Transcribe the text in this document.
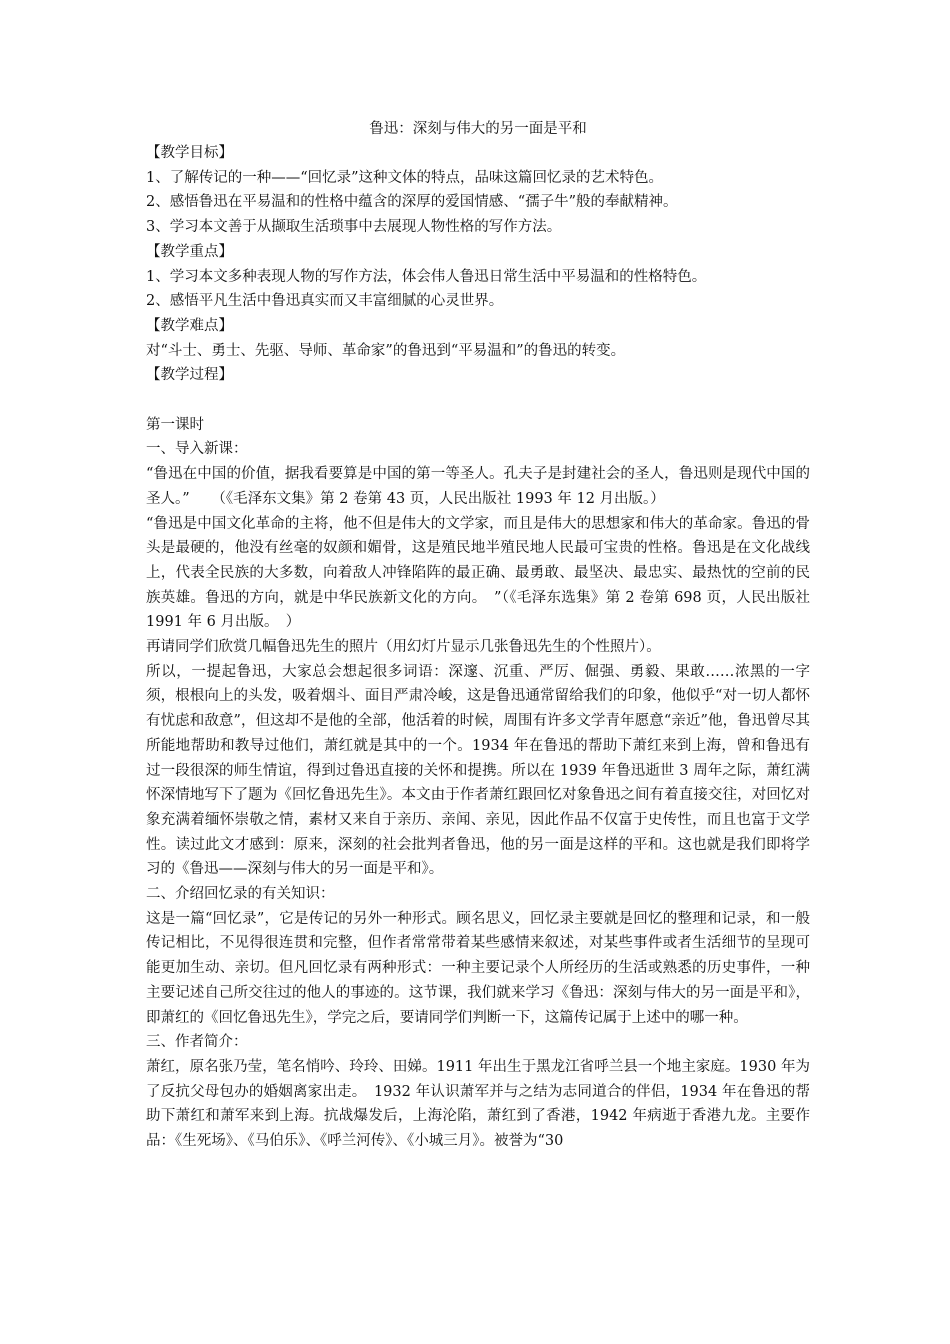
鲁迅：深刻与伟大的另一面是平和

【教学目标】

1、了解传记的一种——“回忆录”这种文体的特点，品味这篇回忆录的艺术特色。

2、感悟鲁迅在平易温和的性格中蕴含的深厚的爱国情感、“孺子牛”般的奉献精神。

3、学习本文善于从撷取生活琐事中去展现人物性格的写作方法。

【教学重点】

1、学习本文多种表现人物的写作方法，体会伟人鲁迅日常生活中平易温和的性格特色。

2、感悟平凡生活中鲁迅真实而又丰富细腻的心灵世界。

【教学难点】

对“斗士、勇士、先驱、导师、革命家”的鲁迅到“平易温和”的鲁迅的转变。

【教学过程】

第一课时

一、导入新课：

“鲁迅在中国的价值，据我看要算是中国的第一等圣人。孔夫子是封建社会的圣人，鲁迅则是现代中国的圣人。”　　（《毛泽东文集》第 2 卷第 43 页，人民出版社 1993 年 12 月出版。）

“鲁迅是中国文化革命的主将，他不但是伟大的文学家，而且是伟大的思想家和伟大的革命家。鲁迅的骨头是最硬的，他没有丝毫的奴颜和媚骨，这是殖民地半殖民地人民最可宝贵的性格。鲁迅是在文化战线上，代表全民族的大多数，向着敌人冲锋陷阵的最正确、最勇敢、最坚决、最忠实、最热忱的空前的民族英雄。鲁迅的方向，就是中华民族新文化的方向。　”（《毛泽东选集》第 2 卷第 698 页，人民出版社 1991 年 6 月出版。　）

再请同学们欣赏几幅鲁迅先生的照片（用幻灯片显示几张鲁迅先生的个性照片）。

所以，一提起鲁迅，大家总会想起很多词语：深邃、沉重、严厉、倔强、勇毅、果敢……浓黑的一字须，根根向上的头发，吸着烟斗、面目严肃冷峻，这是鲁迅通常留给我们的印象，他似乎“对一切人都怀有忧虑和敌意”，但这却不是他的全部，他活着的时候，周围有许多文学青年愿意“亲近”他，鲁迅曾尽其所能地帮助和教导过他们，萧红就是其中的一个。1934 年在鲁迅的帮助下萧红来到上海，曾和鲁迅有过一段很深的师生情谊，得到过鲁迅直接的关怀和提携。所以在 1939 年鲁迅逝世 3 周年之际，萧红满怀深情地写下了题为《回忆鲁迅先生》。本文由于作者萧红跟回忆对象鲁迅之间有着直接交往，对回忆对象充满着缅怀崇敬之情，素材又来自于亲历、亲闻、亲见，因此作品不仅富于史传性，而且也富于文学性。读过此文才感到：原来，深刻的社会批判者鲁迅，他的另一面是这样的平和。这也就是我们即将学习的《鲁迅——深刻与伟大的另一面是平和》。

二、介绍回忆录的有关知识：

这是一篇“回忆录”，它是传记的另外一种形式。顾名思义，回忆录主要就是回忆的整理和记录，和一般传记相比，不见得很连贯和完整，但作者常常带着某些感情来叙述，对某些事件或者生活细节的呈现可能更加生动、亲切。但凡回忆录有两种形式：一种主要记录个人所经历的生活或熟悉的历史事件，一种主要记述自己所交往过的他人的事迹的。这节课，我们就来学习《鲁迅：深刻与伟大的另一面是平和》，即萧红的《回忆鲁迅先生》，学完之后，要请同学们判断一下，这篇传记属于上述中的哪一种。

三、作者简介：

萧红，原名张乃莹，笔名悄吟、玲玲、田娣。1911 年出生于黑龙江省呼兰县一个地主家庭。1930 年为了反抗父母包办的婚姻离家出走。　1932 年认识萧军并与之结为志同道合的伴侣，1934 年在鲁迅的帮助下萧红和萧军来到上海。抗战爆发后，上海沦陷，萧红到了香港，1942 年病逝于香港九龙。主要作品：《生死场》、《马伯乐》、《呼兰河传》、《小城三月》。被誉为“30
